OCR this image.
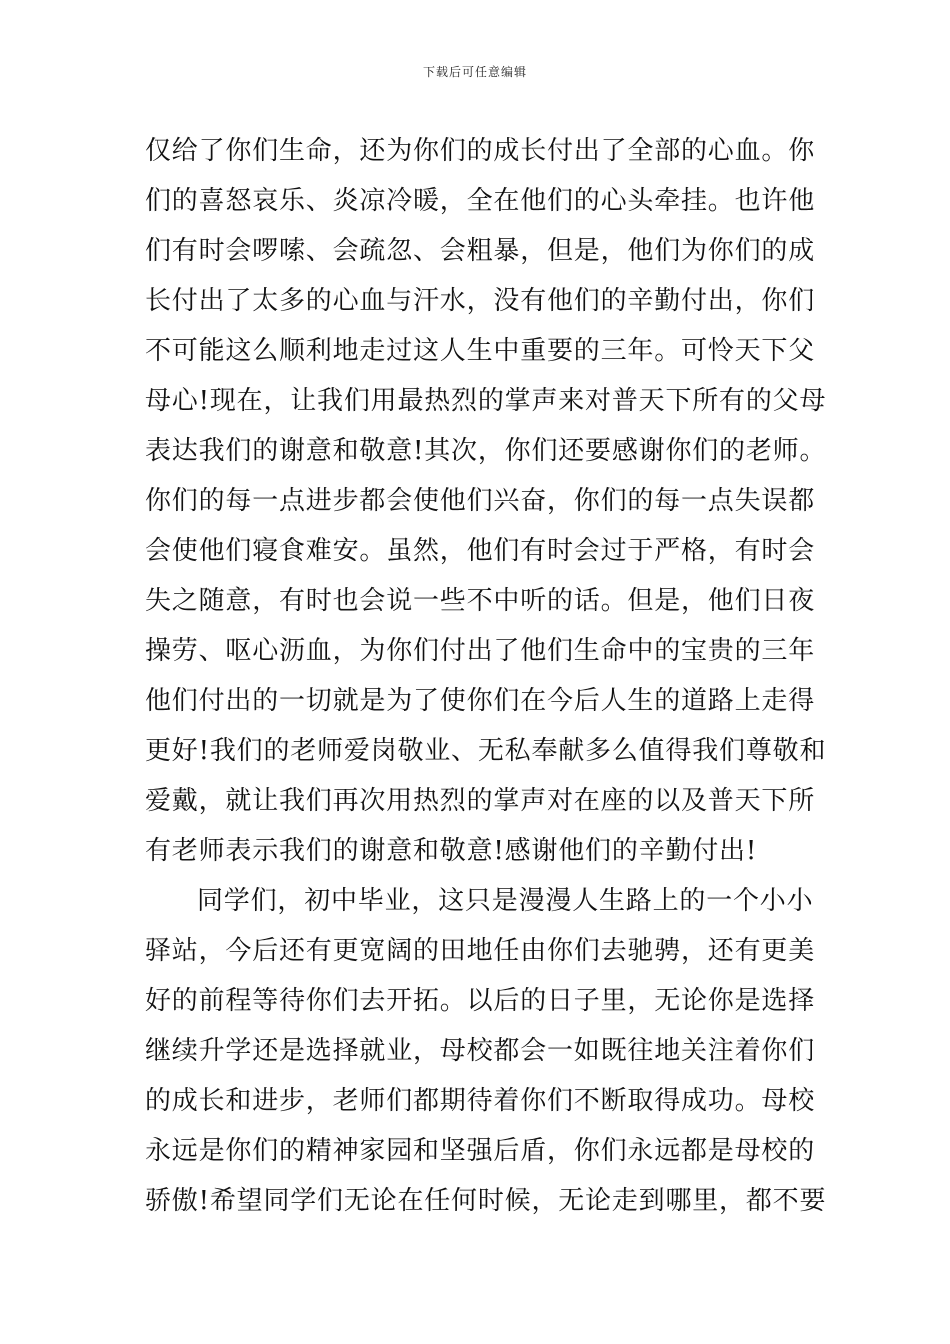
下载后可任意编辑
仅给了你们生命，还为你们的成长付出了全部的心血。你
们的喜怒哀乐、炎凉冷暖，全在他们的心头牵挂。也许他
们有时会啰嗦、会疏忽、会粗暴，但是，他们为你们的成
长付出了太多的心血与汗水，没有他们的辛勤付出，你们
不可能这么顺利地走过这人生中重要的三年。可怜天下父
母心!现在，让我们用最热烈的掌声来对普天下所有的父母
表达我们的谢意和敬意!其次，你们还要感谢你们的老师。
你们的每一点进步都会使他们兴奋，你们的每一点失误都
会使他们寝食难安。虽然，他们有时会过于严格，有时会
失之随意，有时也会说一些不中听的话。但是，他们日夜
操劳、呕心沥血，为你们付出了他们生命中的宝贵的三年
他们付出的一切就是为了使你们在今后人生的道路上走得
更好!我们的老师爱岗敬业、无私奉献多么值得我们尊敬和
爱戴，就让我们再次用热烈的掌声对在座的以及普天下所
有老师表示我们的谢意和敬意!感谢他们的辛勤付出!
同学们，初中毕业，这只是漫漫人生路上的一个小小
驿站，今后还有更宽阔的田地任由你们去驰骋，还有更美
好的前程等待你们去开拓。以后的日子里，无论你是选择
继续升学还是选择就业，母校都会一如既往地关注着你们
的成长和进步，老师们都期待着你们不断取得成功。母校
永远是你们的精神家园和坚强后盾，你们永远都是母校的
骄傲!希望同学们无论在任何时候，无论走到哪里，都不要
